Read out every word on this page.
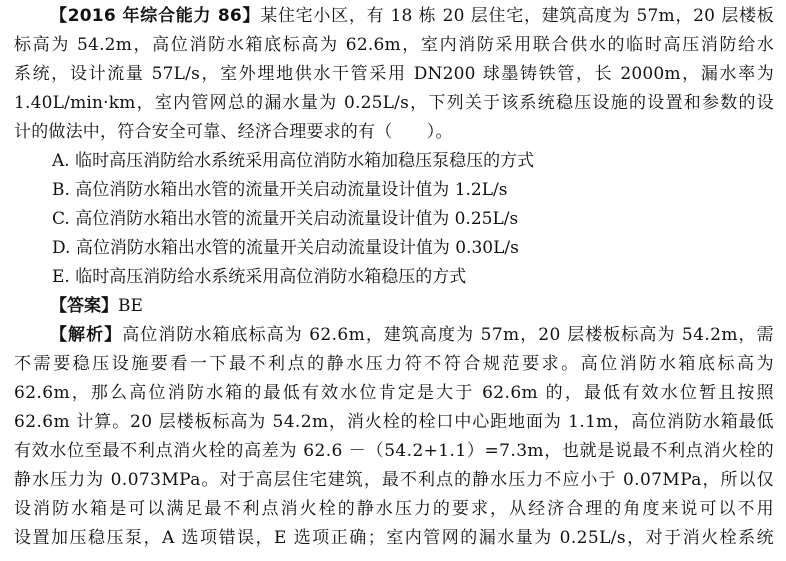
【2016 年综合能力 86】某住宅小区，有 18 栋 20 层住宅，建筑高度为 57m，20 层楼板
标高为 54.2m，高位消防水箱底标高为 62.6m，室内消防采用联合供水的临时高压消防给水
系统，设计流量 57L/s，室外埋地供水干管采用 DN200 球墨铸铁管，长 2000m，漏水率为
1.40L/min·km，室内管网总的漏水量为 0.25L/s，下列关于该系统稳压设施的设置和参数的设
计的做法中，符合安全可靠、经济合理要求的有（　　）。
A. 临时高压消防给水系统采用高位消防水箱加稳压泵稳压的方式
B. 高位消防水箱出水管的流量开关启动流量设计值为 1.2L/s
C. 高位消防水箱出水管的流量开关启动流量设计值为 0.25L/s
D. 高位消防水箱出水管的流量开关启动流量设计值为 0.30L/s
E. 临时高压消防给水系统采用高位消防水箱稳压的方式
【答案】BE
【解析】高位消防水箱底标高为 62.6m，建筑高度为 57m，20 层楼板标高为 54.2m，需
不需要稳压设施要看一下最不利点的静水压力符不符合规范要求。高位消防水箱底标高为
62.6m，那么高位消防水箱的最低有效水位肯定是大于 62.6m 的，最低有效水位暂且按照
62.6m 计算。20 层楼板标高为 54.2m，消火栓的栓口中心距地面为 1.1m，高位消防水箱最低
有效水位至最不利点消火栓的高差为 62.6 －（54.2+1.1）=7.3m，也就是说最不利点消火栓的
静水压力为 0.073MPa。对于高层住宅建筑，最不利点的静水压力不应小于 0.07MPa，所以仅
设消防水箱是可以满足最不利点消火栓的静水压力的要求，从经济合理的角度来说可以不用
设置加压稳压泵，A 选项错误，E 选项正确；室内管网的漏水量为 0.25L/s，对于消火栓系统
